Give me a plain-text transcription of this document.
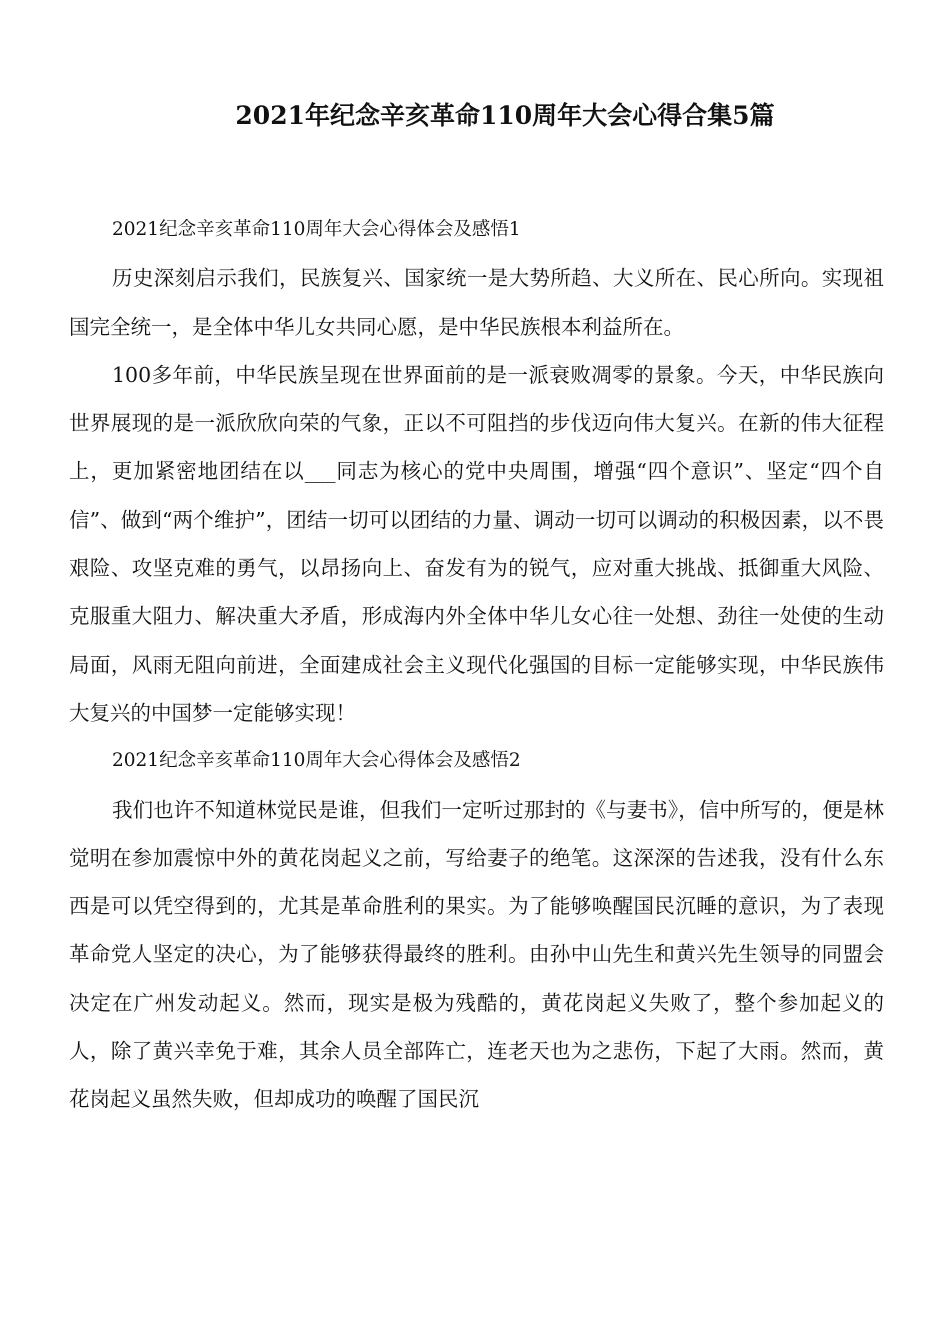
2021年纪念辛亥革命110周年大会心得合集5篇

2021纪念辛亥革命110周年大会心得体会及感悟1

历史深刻启示我们，民族复兴、国家统一是大势所趋、大义所在、民心所向。实现祖国完全统一，是全体中华儿女共同心愿，是中华民族根本利益所在。

100多年前，中华民族呈现在世界面前的是一派衰败凋零的景象。今天，中华民族向世界展现的是一派欣欣向荣的气象，正以不可阻挡的步伐迈向伟大复兴。在新的伟大征程上，更加紧密地团结在以___同志为核心的党中央周围，增强“四个意识”、坚定“四个自信”、做到“两个维护”，团结一切可以团结的力量、调动一切可以调动的积极因素，以不畏艰险、攻坚克难的勇气，以昂扬向上、奋发有为的锐气，应对重大挑战、抵御重大风险、克服重大阻力、解决重大矛盾，形成海内外全体中华儿女心往一处想、劲往一处使的生动局面，风雨无阻向前进，全面建成社会主义现代化强国的目标一定能够实现，中华民族伟大复兴的中国梦一定能够实现！

2021纪念辛亥革命110周年大会心得体会及感悟2

我们也许不知道林觉民是谁，但我们一定听过那封的《与妻书》，信中所写的，便是林觉明在参加震惊中外的黄花岗起义之前，写给妻子的绝笔。这深深的告述我，没有什么东西是可以凭空得到的，尤其是革命胜利的果实。为了能够唤醒国民沉睡的意识，为了表现革命党人坚定的决心，为了能够获得最终的胜利。由孙中山先生和黄兴先生领导的同盟会决定在广州发动起义。然而，现实是极为残酷的，黄花岗起义失败了，整个参加起义的人，除了黄兴幸免于难，其余人员全部阵亡，连老天也为之悲伤，下起了大雨。然而，黄花岗起义虽然失败，但却成功的唤醒了国民沉
